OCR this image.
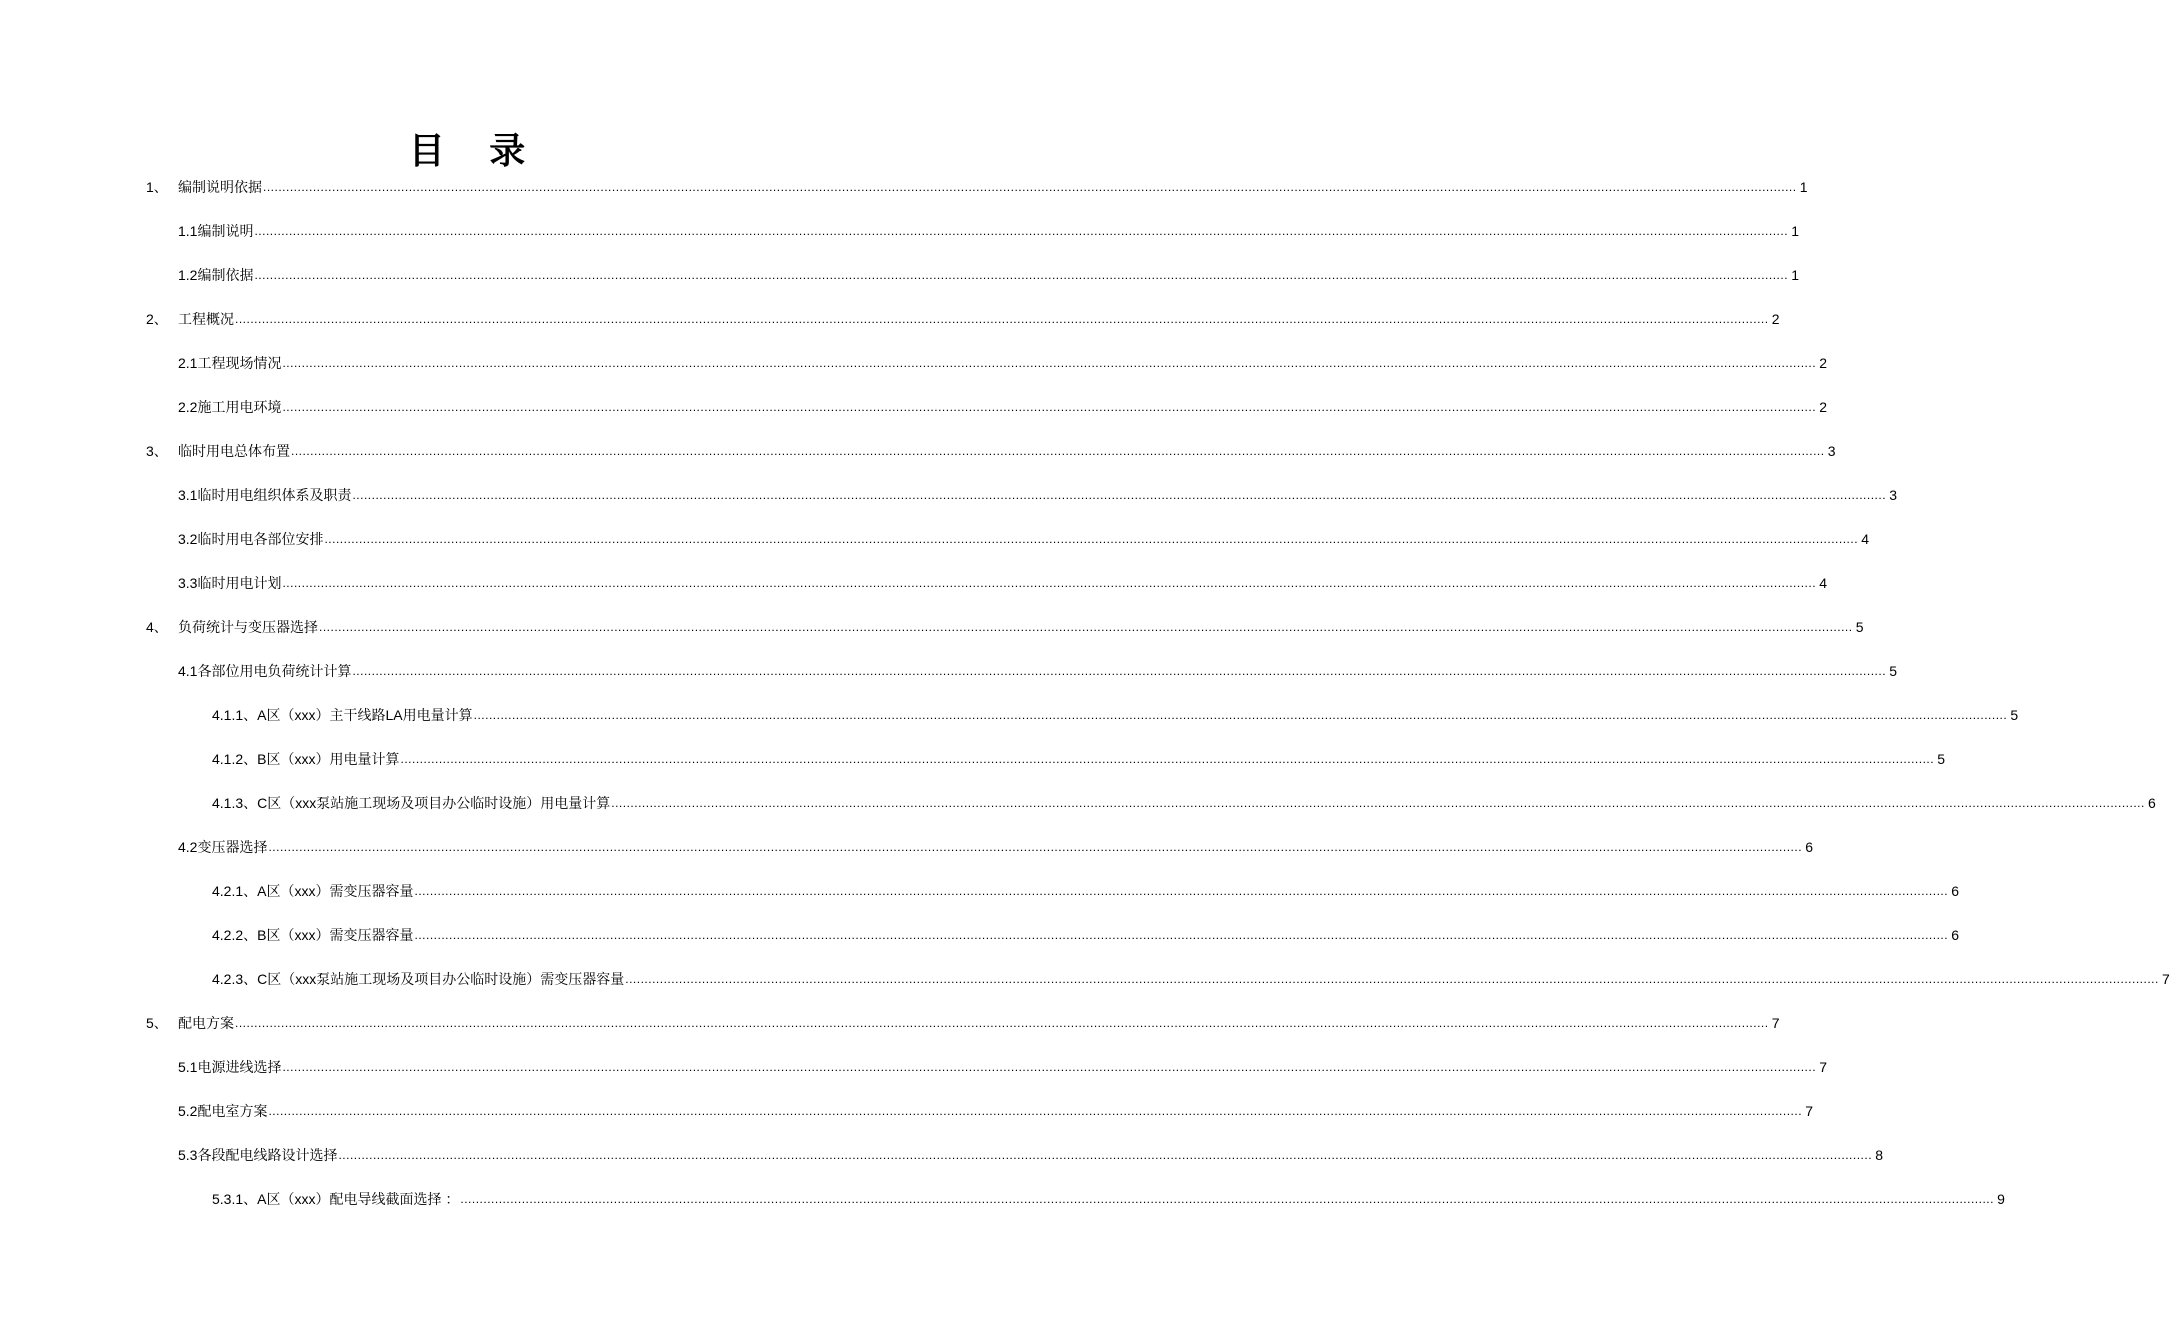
目 录
1、 编制说明依据 ................................................................................................................................................................................................................................................................................................................................................................................................................ 1
1.1 编制说明 ................................................................................................................................................................................................................................................................................................................................................................................................................ 1
1.2 编制依据 ................................................................................................................................................................................................................................................................................................................................................................................................................ 1
2、 工程概况 ................................................................................................................................................................................................................................................................................................................................................................................................................ 2
2.1 工程现场情况 ................................................................................................................................................................................................................................................................................................................................................................................................................ 2
2.2 施工用电环境 ................................................................................................................................................................................................................................................................................................................................................................................................................ 2
3、 临时用电总体布置 ................................................................................................................................................................................................................................................................................................................................................................................................................ 3
3.1 临时用电组织体系及职责 ................................................................................................................................................................................................................................................................................................................................................................................................................ 3
3.2 临时用电各部位安排 ................................................................................................................................................................................................................................................................................................................................................................................................................ 4
3.3 临时用电计划 ................................................................................................................................................................................................................................................................................................................................................................................................................ 4
4、 负荷统计与变压器选择 ................................................................................................................................................................................................................................................................................................................................................................................................................ 5
4.1 各部位用电负荷统计计算 ................................................................................................................................................................................................................................................................................................................................................................................................................ 5
4.1.1、 A区（xxx）主干线路LA用电量计算 ................................................................................................................................................................................................................................................................................................................................................................................................................ 5
4.1.2、 B区（xxx）用电量计算 ................................................................................................................................................................................................................................................................................................................................................................................................................ 5
4.1.3、 C区（xxx泵站施工现场及项目办公临时设施）用电量计算 ................................................................................................................................................................................................................................................................................................................................................................................................................ 6
4.2 变压器选择 ................................................................................................................................................................................................................................................................................................................................................................................................................ 6
4.2.1、 A区（xxx）需变压器容量 ................................................................................................................................................................................................................................................................................................................................................................................................................ 6
4.2.2、 B区（xxx）需变压器容量 ................................................................................................................................................................................................................................................................................................................................................................................................................ 6
4.2.3、 C区（xxx泵站施工现场及项目办公临时设施）需变压器容量 ................................................................................................................................................................................................................................................................................................................................................................................................................ 7
5、 配电方案 ................................................................................................................................................................................................................................................................................................................................................................................................................ 7
5.1 电源进线选择 ................................................................................................................................................................................................................................................................................................................................................................................................................ 7
5.2 配电室方案 ................................................................................................................................................................................................................................................................................................................................................................................................................ 7
5.3 各段配电线路设计选择 ................................................................................................................................................................................................................................................................................................................................................................................................................ 8
5.3.1、 A区（xxx）配电导线截面选择 ： ................................................................................................................................................................................................................................................................................................................................................................................................................ 9
